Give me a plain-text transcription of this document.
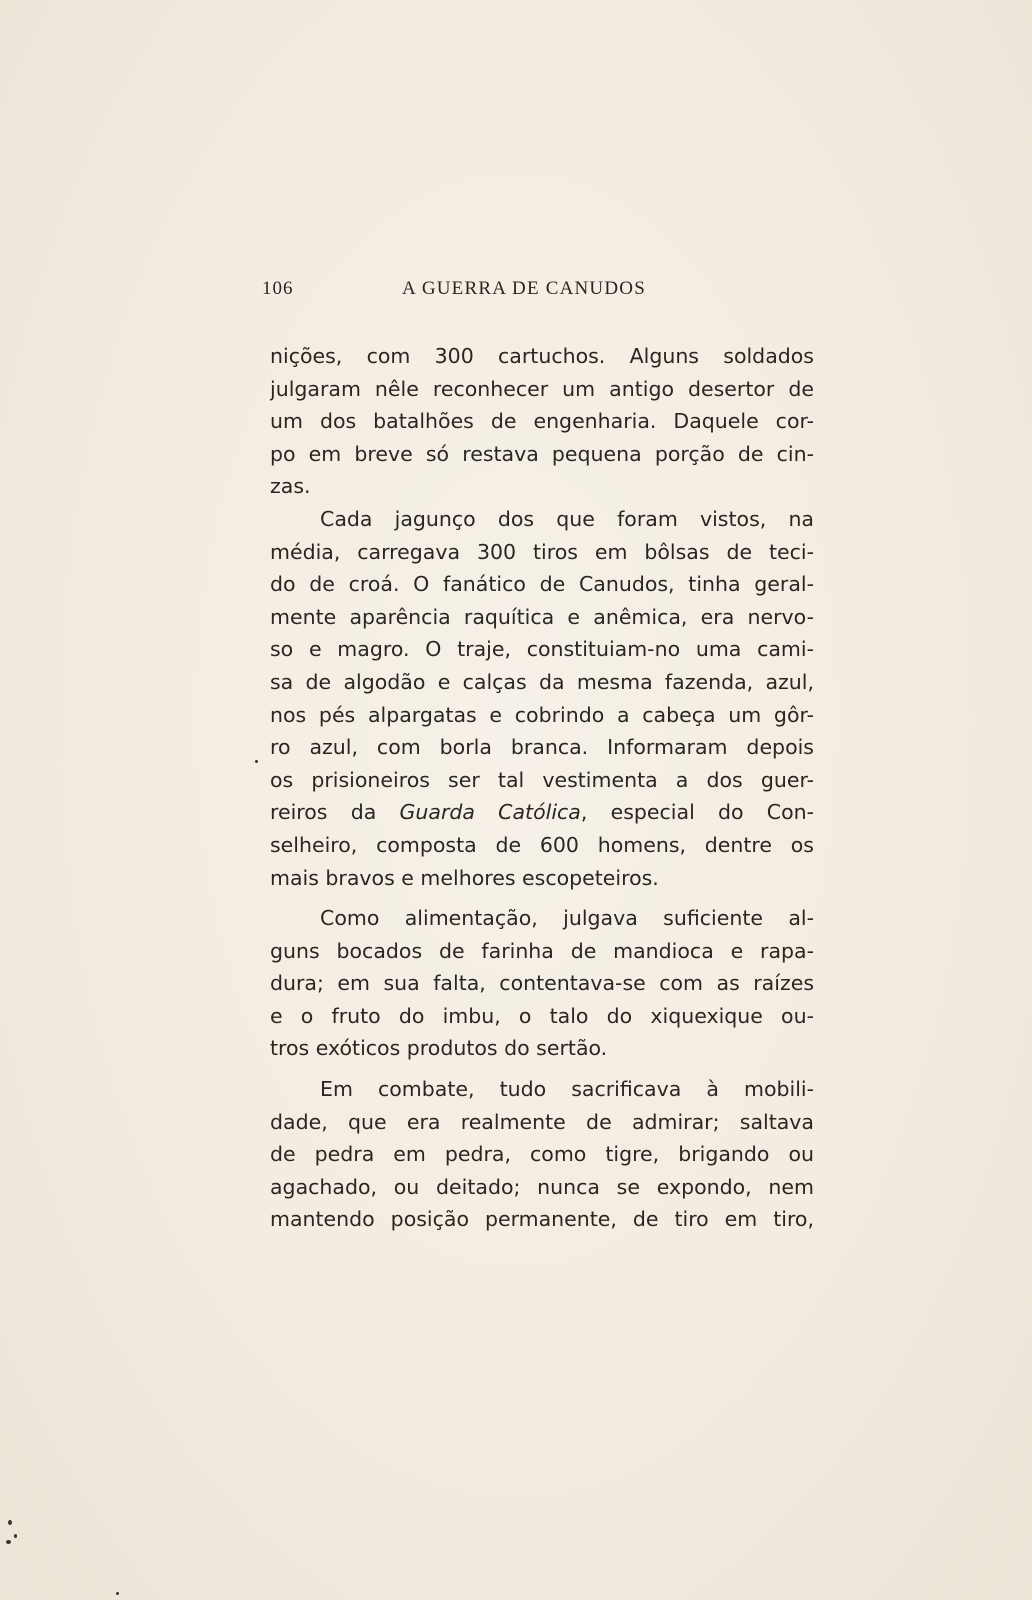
106	A GUERRA DE CANUDOS
nições, com 300 cartuchos. Alguns soldados
julgaram nêle reconhecer um antigo desertor de
um dos batalhões de engenharia. Daquele cor-
po em breve só restava pequena porção de cin-
zas.
Cada jagunço dos que foram vistos, na
média, carregava 300 tiros em bôlsas de teci-
do de croá. O fanático de Canudos, tinha geral-
mente aparência raquítica e anêmica, era nervo-
so e magro. O traje, constituiam-no uma cami-
sa de algodão e calças da mesma fazenda, azul,
nos pés alpargatas e cobrindo a cabeça um gôr-
ro azul, com borla branca. Informaram depois
os prisioneiros ser tal vestimenta a dos guer-
reiros da Guarda Católica, especial do Con-
selheiro, composta de 600 homens, dentre os
mais bravos e melhores escopeteiros.
Como alimentação, julgava suficiente al-
guns bocados de farinha de mandioca e rapa-
dura; em sua falta, contentava-se com as raízes
e o fruto do imbu, o talo do xiquexique ou-
tros exóticos produtos do sertão.
Em combate, tudo sacrificava à mobili-
dade, que era realmente de admirar; saltava
de pedra em pedra, como tigre, brigando ou
agachado, ou deitado; nunca se expondo, nem
mantendo posição permanente, de tiro em tiro,
